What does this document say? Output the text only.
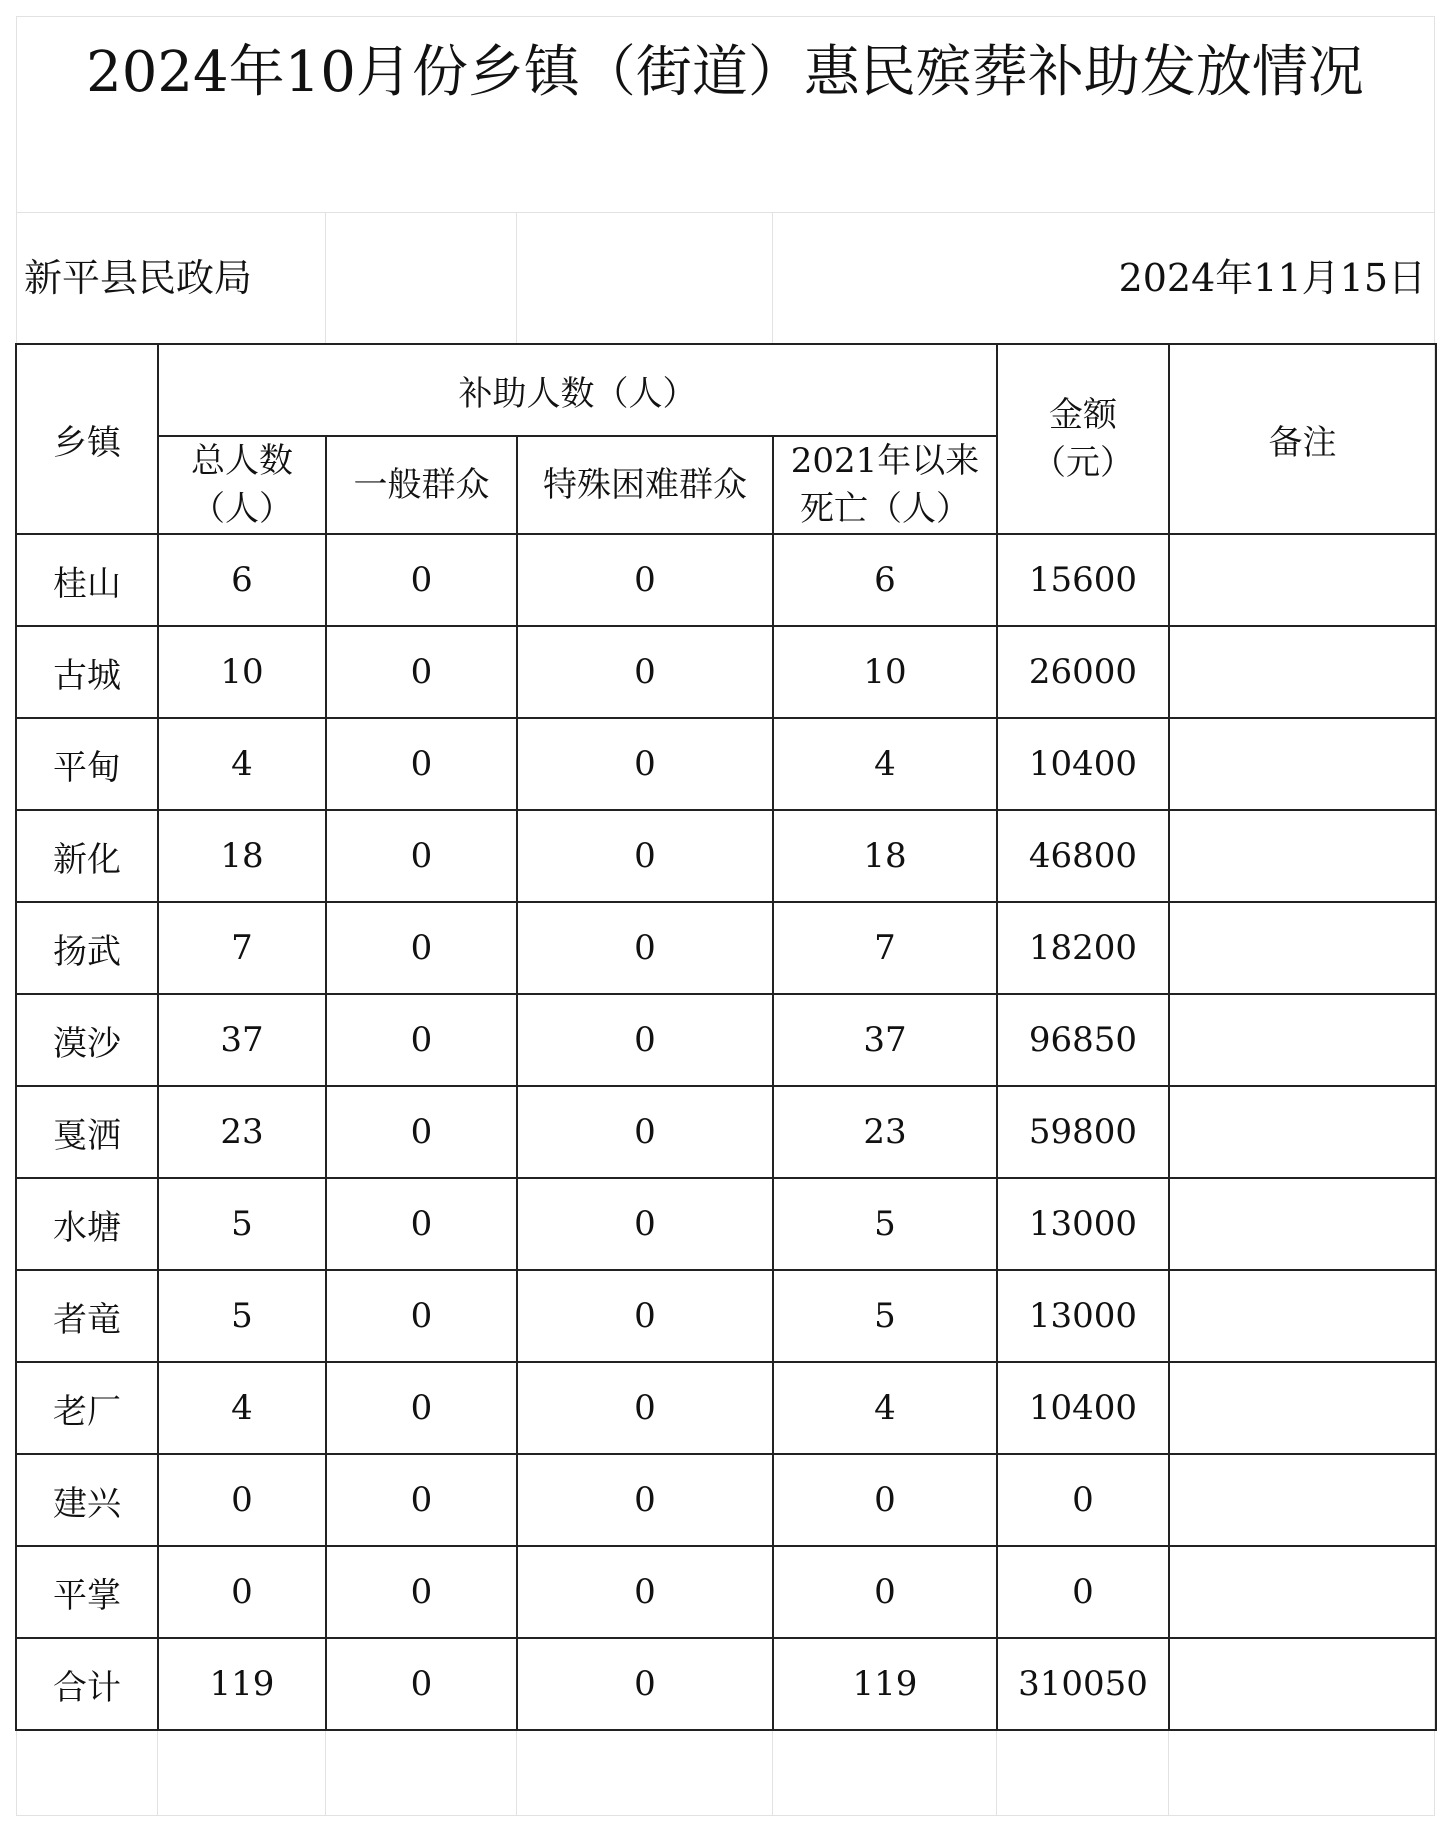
2024年10月份乡镇（街道）惠民殡葬补助发放情况
新平县民政局	2024年11月15日
乡镇	补助人数（人）				金额（元）	备注

	总人数（人）	一般群众	特殊困难群众	2021年以来死亡（人）		

桂山	6	0	0	6	15600	
古城	10	0	0	10	26000	
平甸	4	0	0	4	10400	
新化	18	0	0	18	46800	
扬武	7	0	0	7	18200	
漠沙	37	0	0	37	96850	
戛洒	23	0	0	23	59800	
水塘	5	0	0	5	13000	
者竜	5	0	0	5	13000	
老厂	4	0	0	4	10400	
建兴	0	0	0	0	0	
平掌	0	0	0	0	0	
合计	119	0	0	119	310050	
